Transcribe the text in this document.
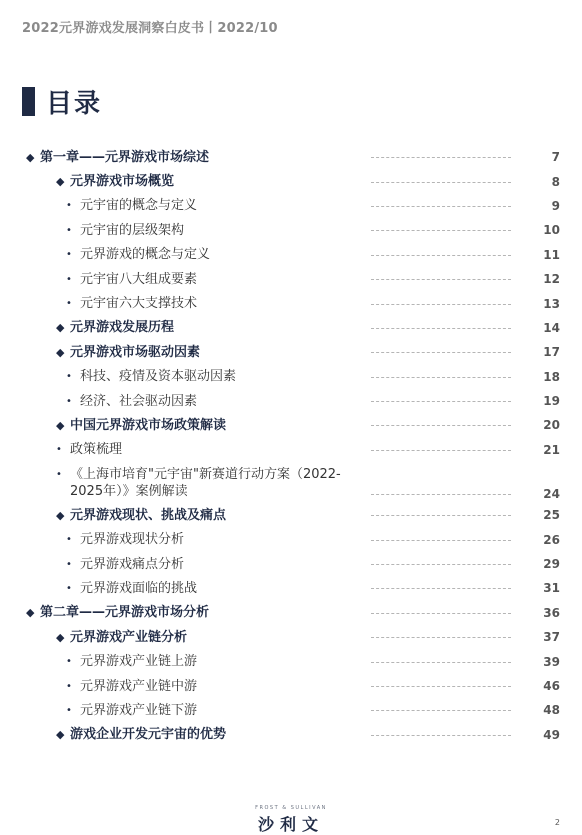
2022元界游戏发展洞察白皮书丨2022/10
目录
◆ 第一章——元界游戏市场综述	7
◆ 元界游戏市场概览	8
• 元宇宙的概念与定义	9
• 元宇宙的层级架构	10
• 元界游戏的概念与定义	11
• 元宇宙八大组成要素	12
• 元宇宙六大支撑技术	13
◆ 元界游戏发展历程	14
◆ 元界游戏市场驱动因素	17
• 科技、疫情及资本驱动因素	18
• 经济、社会驱动因素	19
◆ 中国元界游戏市场政策解读	20
• 政策梳理	21
• 《上海市培育"元宇宙"新赛道行动方案（2022-2025年）》案例解读	24
◆ 元界游戏现状、挑战及痛点	25
• 元界游戏现状分析	26
• 元界游戏痛点分析	29
• 元界游戏面临的挑战	31
◆ 第二章——元界游戏市场分析	36
◆ 元界游戏产业链分析	37
• 元界游戏产业链上游	39
• 元界游戏产业链中游	46
• 元界游戏产业链下游	48
◆ 游戏企业开发元宇宙的优势	49
FROST & SULLIVAN
沙利文	2
